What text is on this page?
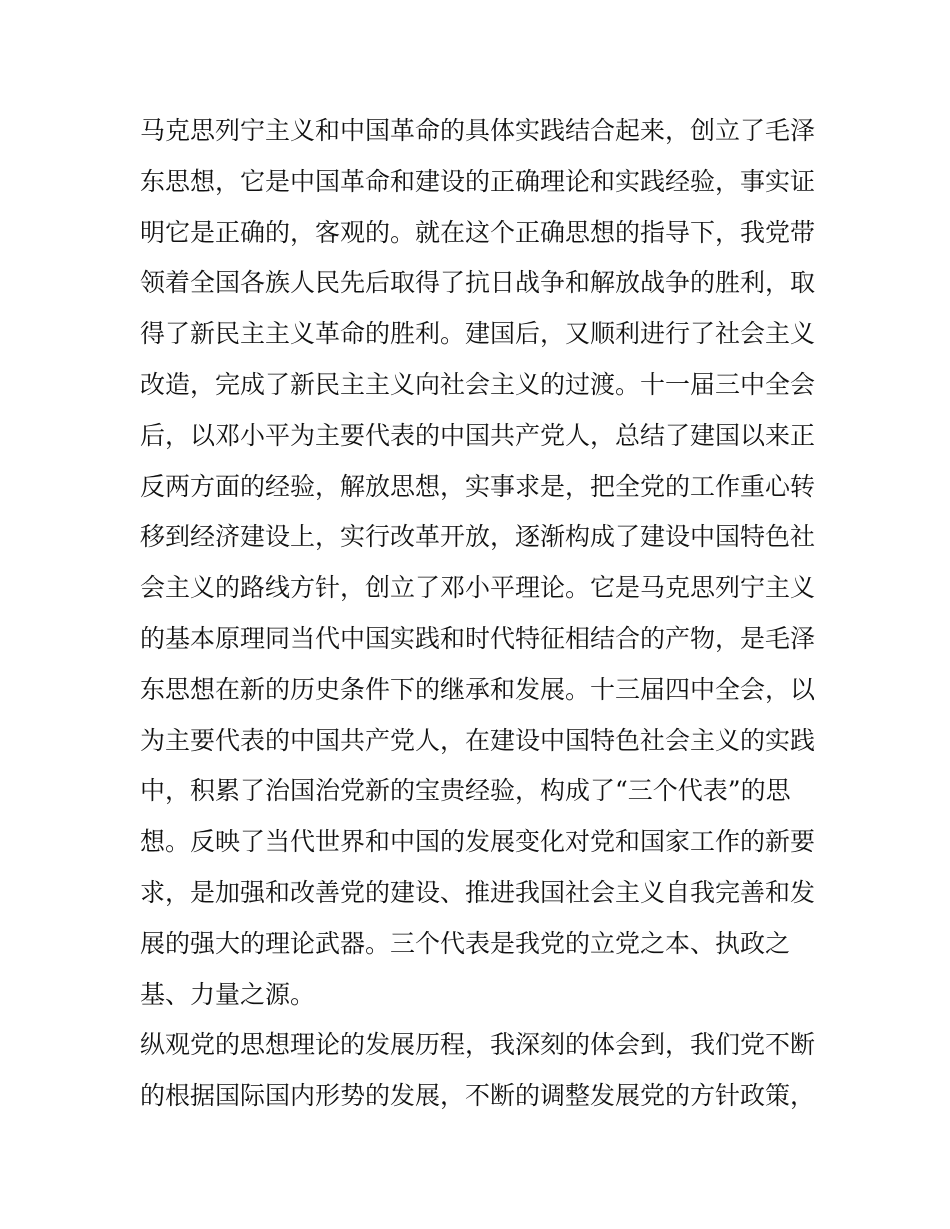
马克思列宁主义和中国革命的具体实践结合起来，创立了毛泽
东思想，它是中国革命和建设的正确理论和实践经验，事实证
明它是正确的，客观的。就在这个正确思想的指导下，我党带
领着全国各族人民先后取得了抗日战争和解放战争的胜利，取
得了新民主主义革命的胜利。建国后，又顺利进行了社会主义
改造，完成了新民主主义向社会主义的过渡。十一届三中全会
后，以邓小平为主要代表的中国共产党人，总结了建国以来正
反两方面的经验，解放思想，实事求是，把全党的工作重心转
移到经济建设上，实行改革开放，逐渐构成了建设中国特色社
会主义的路线方针，创立了邓小平理论。它是马克思列宁主义
的基本原理同当代中国实践和时代特征相结合的产物，是毛泽
东思想在新的历史条件下的继承和发展。十三届四中全会，以
为主要代表的中国共产党人，在建设中国特色社会主义的实践
中，积累了治国治党新的宝贵经验，构成了“三个代表”的思
想。反映了当代世界和中国的发展变化对党和国家工作的新要
求，是加强和改善党的建设、推进我国社会主义自我完善和发
展的强大的理论武器。三个代表是我党的立党之本、执政之
基、力量之源。
纵观党的思想理论的发展历程，我深刻的体会到，我们党不断
的根据国际国内形势的发展，不断的调整发展党的方针政策，
